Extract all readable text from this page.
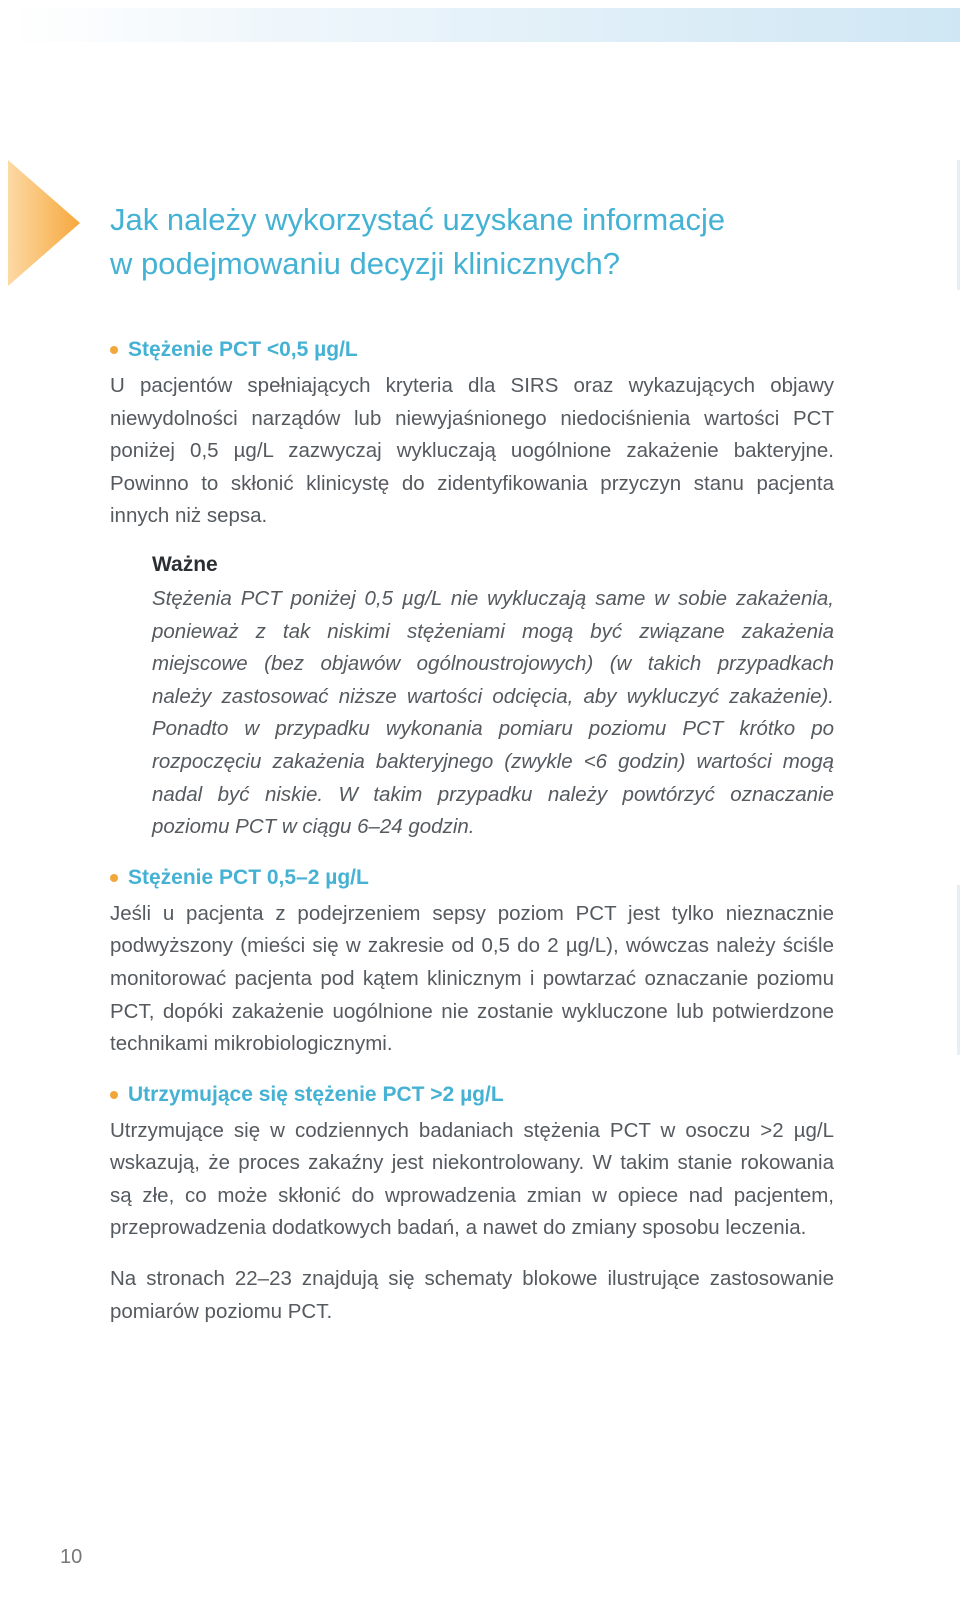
Jak należy wykorzystać uzyskane informacje
w podejmowaniu decyzji klinicznych?
Stężenie PCT <0,5 µg/L

U pacjentów spełniających kryteria dla SIRS oraz wykazujących objawy niewydolności narządów lub niewyjaśnionego niedociśnienia wartości PCT poniżej 0,5 µg/L zazwyczaj wykluczają uogólnione zakażenie bakteryjne. Powinno to skłonić klinicystę do zidentyfikowania przyczyn stanu pacjenta innych niż sepsa.

Ważne

Stężenia PCT poniżej 0,5 µg/L nie wykluczają same w sobie zakażenia, ponieważ z tak niskimi stężeniami mogą być związane zakażenia miejscowe (bez objawów ogólnoustrojowych) (w takich przypadkach należy zastosować niższe wartości odcięcia, aby wykluczyć zakażenie). Ponadto w przypadku wykonania pomiaru poziomu PCT krótko po rozpoczęciu zakażenia bakteryjnego (zwykle <6 godzin) wartości mogą nadal być niskie. W takim przypadku należy powtórzyć oznaczanie poziomu PCT w ciągu 6–24 godzin.

Stężenie PCT 0,5–2 µg/L

Jeśli u pacjenta z podejrzeniem sepsy poziom PCT jest tylko nieznacznie podwyższony (mieści się w zakresie od 0,5 do 2 µg/L), wówczas należy ściśle monitorować pacjenta pod kątem klinicznym i powtarzać oznaczanie poziomu PCT, dopóki zakażenie uogólnione nie zostanie wykluczone lub potwierdzone technikami mikrobiologicznymi.

Utrzymujące się stężenie PCT >2 µg/L

Utrzymujące się w codziennych badaniach stężenia PCT w osoczu >2 µg/L wskazują, że proces zakaźny jest niekontrolowany. W takim stanie rokowania są złe, co może skłonić do wprowadzenia zmian w opiece nad pacjentem, przeprowadzenia dodatkowych badań, a nawet do zmiany sposobu leczenia.

Na stronach 22–23 znajdują się schematy blokowe ilustrujące zastosowanie pomiarów poziomu PCT.

10
